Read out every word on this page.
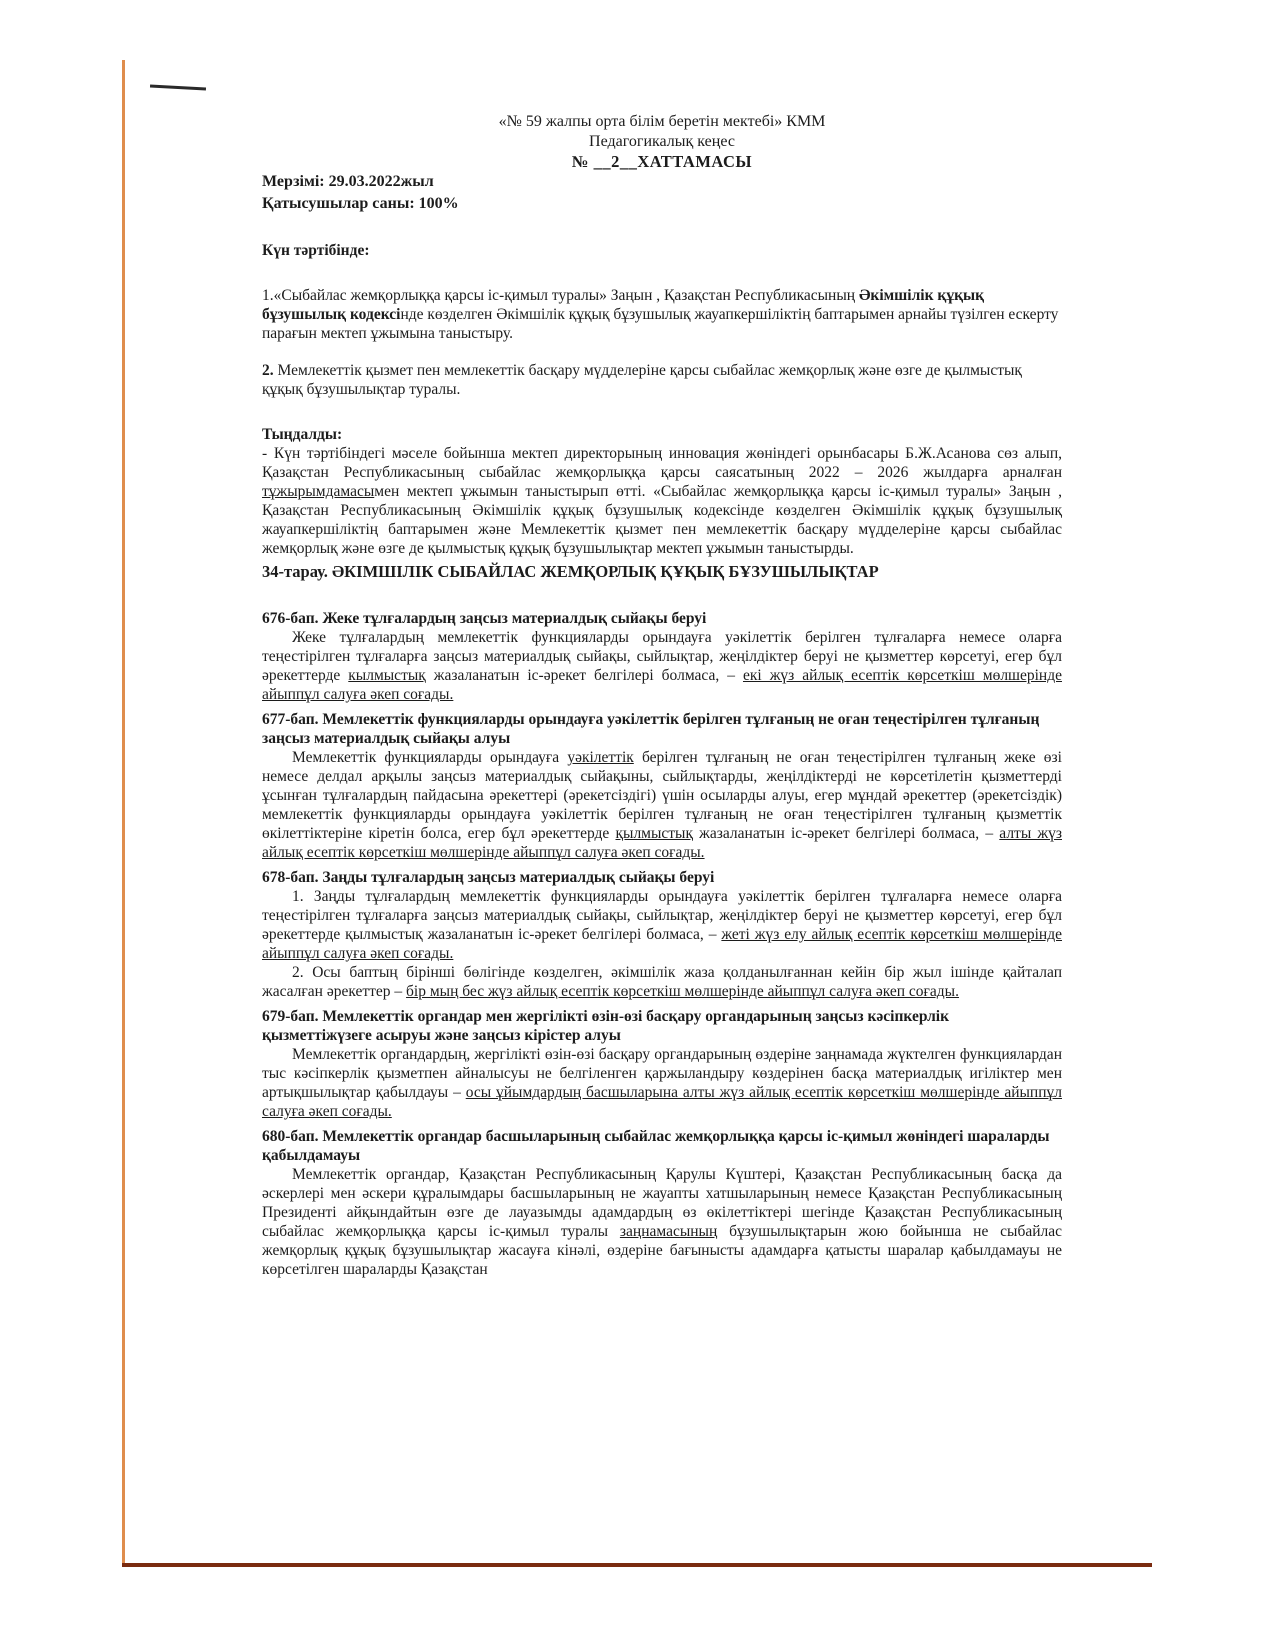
«№ 59 жалпы орта білім беретін мектебі» КММ

Педагогикалық кеңес

№ __2__ХАТТАМАСЫ

Мерзімі: 29.03.2022жыл

Қатысушылар саны: 100%

Күн тәртібінде:

1.«Сыбайлас жемқорлыққа қарсы іс-қимыл туралы» Заңын , Қазақстан Республикасының Әкімшілік құқық бұзушылық кодексінде көзделген Әкімшілік құқық бұзушылық жауапкершіліктің баптарымен арнайы түзілген ескерту парағын мектеп ұжымына таныстыру.

2. Мемлекеттік қызмет пен мемлекеттік басқару мүдделеріне қарсы сыбайлас жемқорлық және өзге де қылмыстық құқық бұзушылықтар туралы.

Тыңдалды:

- Күн тәртібіндегі мәселе бойынша мектеп директорының инновация жөніндегі орынбасары Б.Ж.Асанова сөз алып, Қазақстан Республикасының сыбайлас жемқорлыққа қарсы саясатының 2022 – 2026 жылдарға арналған тұжырымдамасымен мектеп ұжымын таныстырып өтті. «Сыбайлас жемқорлыққа қарсы іс-қимыл туралы» Заңын , Қазақстан Республикасының Әкімшілік құқық бұзушылық кодексінде көзделген Әкімшілік құқық бұзушылық жауапкершіліктің баптарымен және Мемлекеттік қызмет пен мемлекеттік басқару мүдделеріне қарсы сыбайлас жемқорлық және өзге де қылмыстық құқық бұзушылықтар мектеп ұжымын таныстырды.

34-тарау. ӘКІМШІЛІК СЫБАЙЛАС ЖЕМҚОРЛЫҚ ҚҰҚЫҚ БҰЗУШЫЛЫҚТАР

676-бап. Жеке тұлғалардың заңсыз материалдық сыйақы беруі

Жеке тұлғалардың мемлекеттік функцияларды орындауға уәкілеттік берілген тұлғаларға немесе оларға теңестірілген тұлғаларға заңсыз материалдық сыйақы, сыйлықтар, жеңілдіктер беруі не қызметтер көрсетуі, егер бұл әрекеттерде кылмыстық жазаланатын іс-әрекет белгілері болмаса, – екі жүз айлық есептік көрсеткіш мөлшерінде айыппұл салуға әкеп соғады.

677-бап. Мемлекеттік функцияларды орындауға уәкілеттік берілген тұлғаның не оған теңестірілген тұлғаның заңсыз материалдық сыйақы алуы

Мемлекеттік функцияларды орындауға уәкілеттік берілген тұлғаның не оған теңестірілген тұлғаның жеке өзі немесе делдал арқылы заңсыз материалдық сыйақыны, сыйлықтарды, жеңілдіктерді не көрсетілетін қызметтерді ұсынған тұлғалардың пайдасына әрекеттері (әрекетсіздігі) үшін осыларды алуы, егер мұндай әрекеттер (әрекетсіздік) мемлекеттік функцияларды орындауға уәкілеттік берілген тұлғаның не оған теңестірілген тұлғаның қызметтік өкілеттіктеріне кіретін болса, егер бұл әрекеттерде қылмыстық жазаланатын іс-әрекет белгілері болмаса, – алты жүз айлық есептік көрсеткіш мөлшерінде айыппұл салуға әкеп соғады.

678-бап. Заңды тұлғалардың заңсыз материалдық сыйақы беруі

1. Заңды тұлғалардың мемлекеттік функцияларды орындауға уәкілеттік берілген тұлғаларға немесе оларға теңестірілген тұлғаларға заңсыз материалдық сыйақы, сыйлықтар, жеңілдіктер беруі не қызметтер көрсетуі, егер бұл әрекеттерде қылмыстық жазаланатын іс-әрекет белгілері болмаса, – жеті жүз елу айлық есептік көрсеткіш мөлшерінде айыппұл салуға әкеп соғады.

2. Осы баптың бірінші бөлігінде көзделген, әкімшілік жаза қолданылғаннан кейін бір жыл ішінде қайталап жасалған әрекеттер – бір мың бес жүз айлық есептік көрсеткіш мөлшерінде айыппұл салуға әкеп соғады.

679-бап. Мемлекеттік органдар мен жергілікті өзін-өзі басқару органдарының заңсыз кәсіпкерлік қызметтіжүзеге асыруы және заңсыз кірістер алуы

Мемлекеттік органдардың, жергілікті өзін-өзі басқару органдарының өздеріне заңнамада жүктелген функциялардан тыс кәсіпкерлік қызметпен айналысуы не белгіленген қаржыландыру көздерінен басқа материалдық игіліктер мен артықшылықтар қабылдауы – осы ұйымдардың басшыларына алты жүз айлық есептік көрсеткіш мөлшерінде айыппұл салуға әкеп соғады.

680-бап. Мемлекеттік органдар басшыларының сыбайлас жемқорлыққа қарсы іс-қимыл жөніндегі шараларды қабылдамауы

Мемлекеттік органдар, Қазақстан Республикасының Қарулы Күштері, Қазақстан Республикасының басқа да әскерлері мен әскери құралымдары басшыларының не жауапты хатшыларының немесе Қазақстан Республикасының Президенті айқындайтын өзге де лауазымды адамдардың өз өкілеттіктері шегінде Қазақстан Республикасының сыбайлас жемқорлыққа қарсы іс-қимыл туралы заңнамасының бұзушылықтарын жою бойынша не сыбайлас жемқорлық құқық бұзушылықтар жасауға кінәлі, өздеріне бағынысты адамдарға қатысты шаралар қабылдамауы не көрсетілген шараларды Қазақстан
